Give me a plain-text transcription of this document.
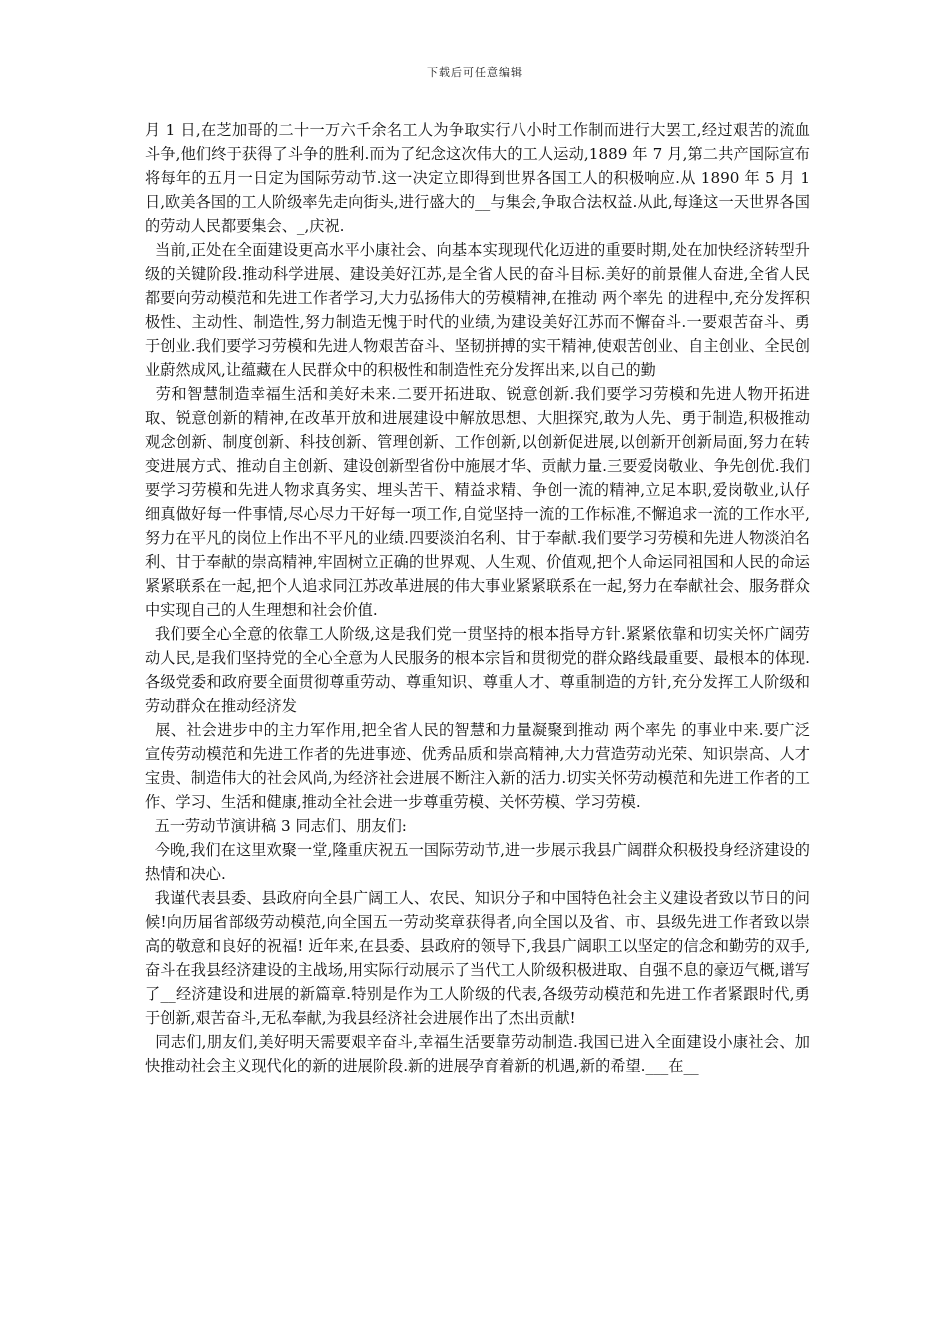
下载后可任意编辑

月 1 日,在芝加哥的二十一万六千余名工人为争取实行八小时工作制而进行大罢工,经过艰苦的流血斗争,他们终于获得了斗争的胜利.而为了纪念这次伟大的工人运动,1889 年 7 月,第二共产国际宣布将每年的五月一日定为国际劳动节.这一决定立即得到世界各国工人的积极响应.从 1890 年 5 月 1 日,欧美各国的工人阶级率先走向街头,进行盛大的__与集会,争取合法权益.从此,每逢这一天世界各国的劳动人民都要集会、_,庆祝.

当前,正处在全面建设更高水平小康社会、向基本实现现代化迈进的重要时期,处在加快经济转型升级的关键阶段.推动科学进展、建设美好江苏,是全省人民的奋斗目标.美好的前景催人奋进,全省人民都要向劳动模范和先进工作者学习,大力弘扬伟大的劳模精神,在推动 两个率先 的进程中,充分发挥积极性、主动性、制造性,努力制造无愧于时代的业绩,为建设美好江苏而不懈奋斗.一要艰苦奋斗、勇于创业.我们要学习劳模和先进人物艰苦奋斗、坚韧拼搏的实干精神,使艰苦创业、自主创业、全民创业蔚然成风,让蕴藏在人民群众中的积极性和制造性充分发挥出来,以自己的勤

劳和智慧制造幸福生活和美好未来.二要开拓进取、锐意创新.我们要学习劳模和先进人物开拓进取、锐意创新的精神,在改革开放和进展建设中解放思想、大胆探究,敢为人先、勇于制造,积极推动观念创新、制度创新、科技创新、管理创新、工作创新,以创新促进展,以创新开创新局面,努力在转变进展方式、推动自主创新、建设创新型省份中施展才华、贡献力量.三要爱岗敬业、争先创优.我们要学习劳模和先进人物求真务实、埋头苦干、精益求精、争创一流的精神,立足本职,爱岗敬业,认仔细真做好每一件事情,尽心尽力干好每一项工作,自觉坚持一流的工作标准,不懈追求一流的工作水平,努力在平凡的岗位上作出不平凡的业绩.四要淡泊名利、甘于奉献.我们要学习劳模和先进人物淡泊名利、甘于奉献的崇高精神,牢固树立正确的世界观、人生观、价值观,把个人命运同祖国和人民的命运紧紧联系在一起,把个人追求同江苏改革进展的伟大事业紧紧联系在一起,努力在奉献社会、服务群众中实现自己的人生理想和社会价值.

我们要全心全意的依靠工人阶级,这是我们党一贯坚持的根本指导方针.紧紧依靠和切实关怀广阔劳动人民,是我们坚持党的全心全意为人民服务的根本宗旨和贯彻党的群众路线最重要、最根本的体现.各级党委和政府要全面贯彻尊重劳动、尊重知识、尊重人才、尊重制造的方针,充分发挥工人阶级和劳动群众在推动经济发

展、社会进步中的主力军作用,把全省人民的智慧和力量凝聚到推动 两个率先 的事业中来.要广泛宣传劳动模范和先进工作者的先进事迹、优秀品质和崇高精神,大力营造劳动光荣、知识崇高、人才宝贵、制造伟大的社会风尚,为经济社会进展不断注入新的活力.切实关怀劳动模范和先进工作者的工作、学习、生活和健康,推动全社会进一步尊重劳模、关怀劳模、学习劳模.

五一劳动节演讲稿 3 同志们、朋友们:

今晚,我们在这里欢聚一堂,隆重庆祝五一国际劳动节,进一步展示我县广阔群众积极投身经济建设的热情和决心.

我谨代表县委、县政府向全县广阔工人、农民、知识分子和中国特色社会主义建设者致以节日的问候!向历届省部级劳动模范,向全国五一劳动奖章获得者,向全国以及省、市、县级先进工作者致以崇高的敬意和良好的祝福! 近年来,在县委、县政府的领导下,我县广阔职工以坚定的信念和勤劳的双手,奋斗在我县经济建设的主战场,用实际行动展示了当代工人阶级积极进取、自强不息的豪迈气概,谱写了__经济建设和进展的新篇章.特别是作为工人阶级的代表,各级劳动模范和先进工作者紧跟时代,勇于创新,艰苦奋斗,无私奉献,为我县经济社会进展作出了杰出贡献!

同志们,朋友们,美好明天需要艰辛奋斗,幸福生活要靠劳动制造.我国已进入全面建设小康社会、加快推动社会主义现代化的新的进展阶段.新的进展孕育着新的机遇,新的希望.___在__
